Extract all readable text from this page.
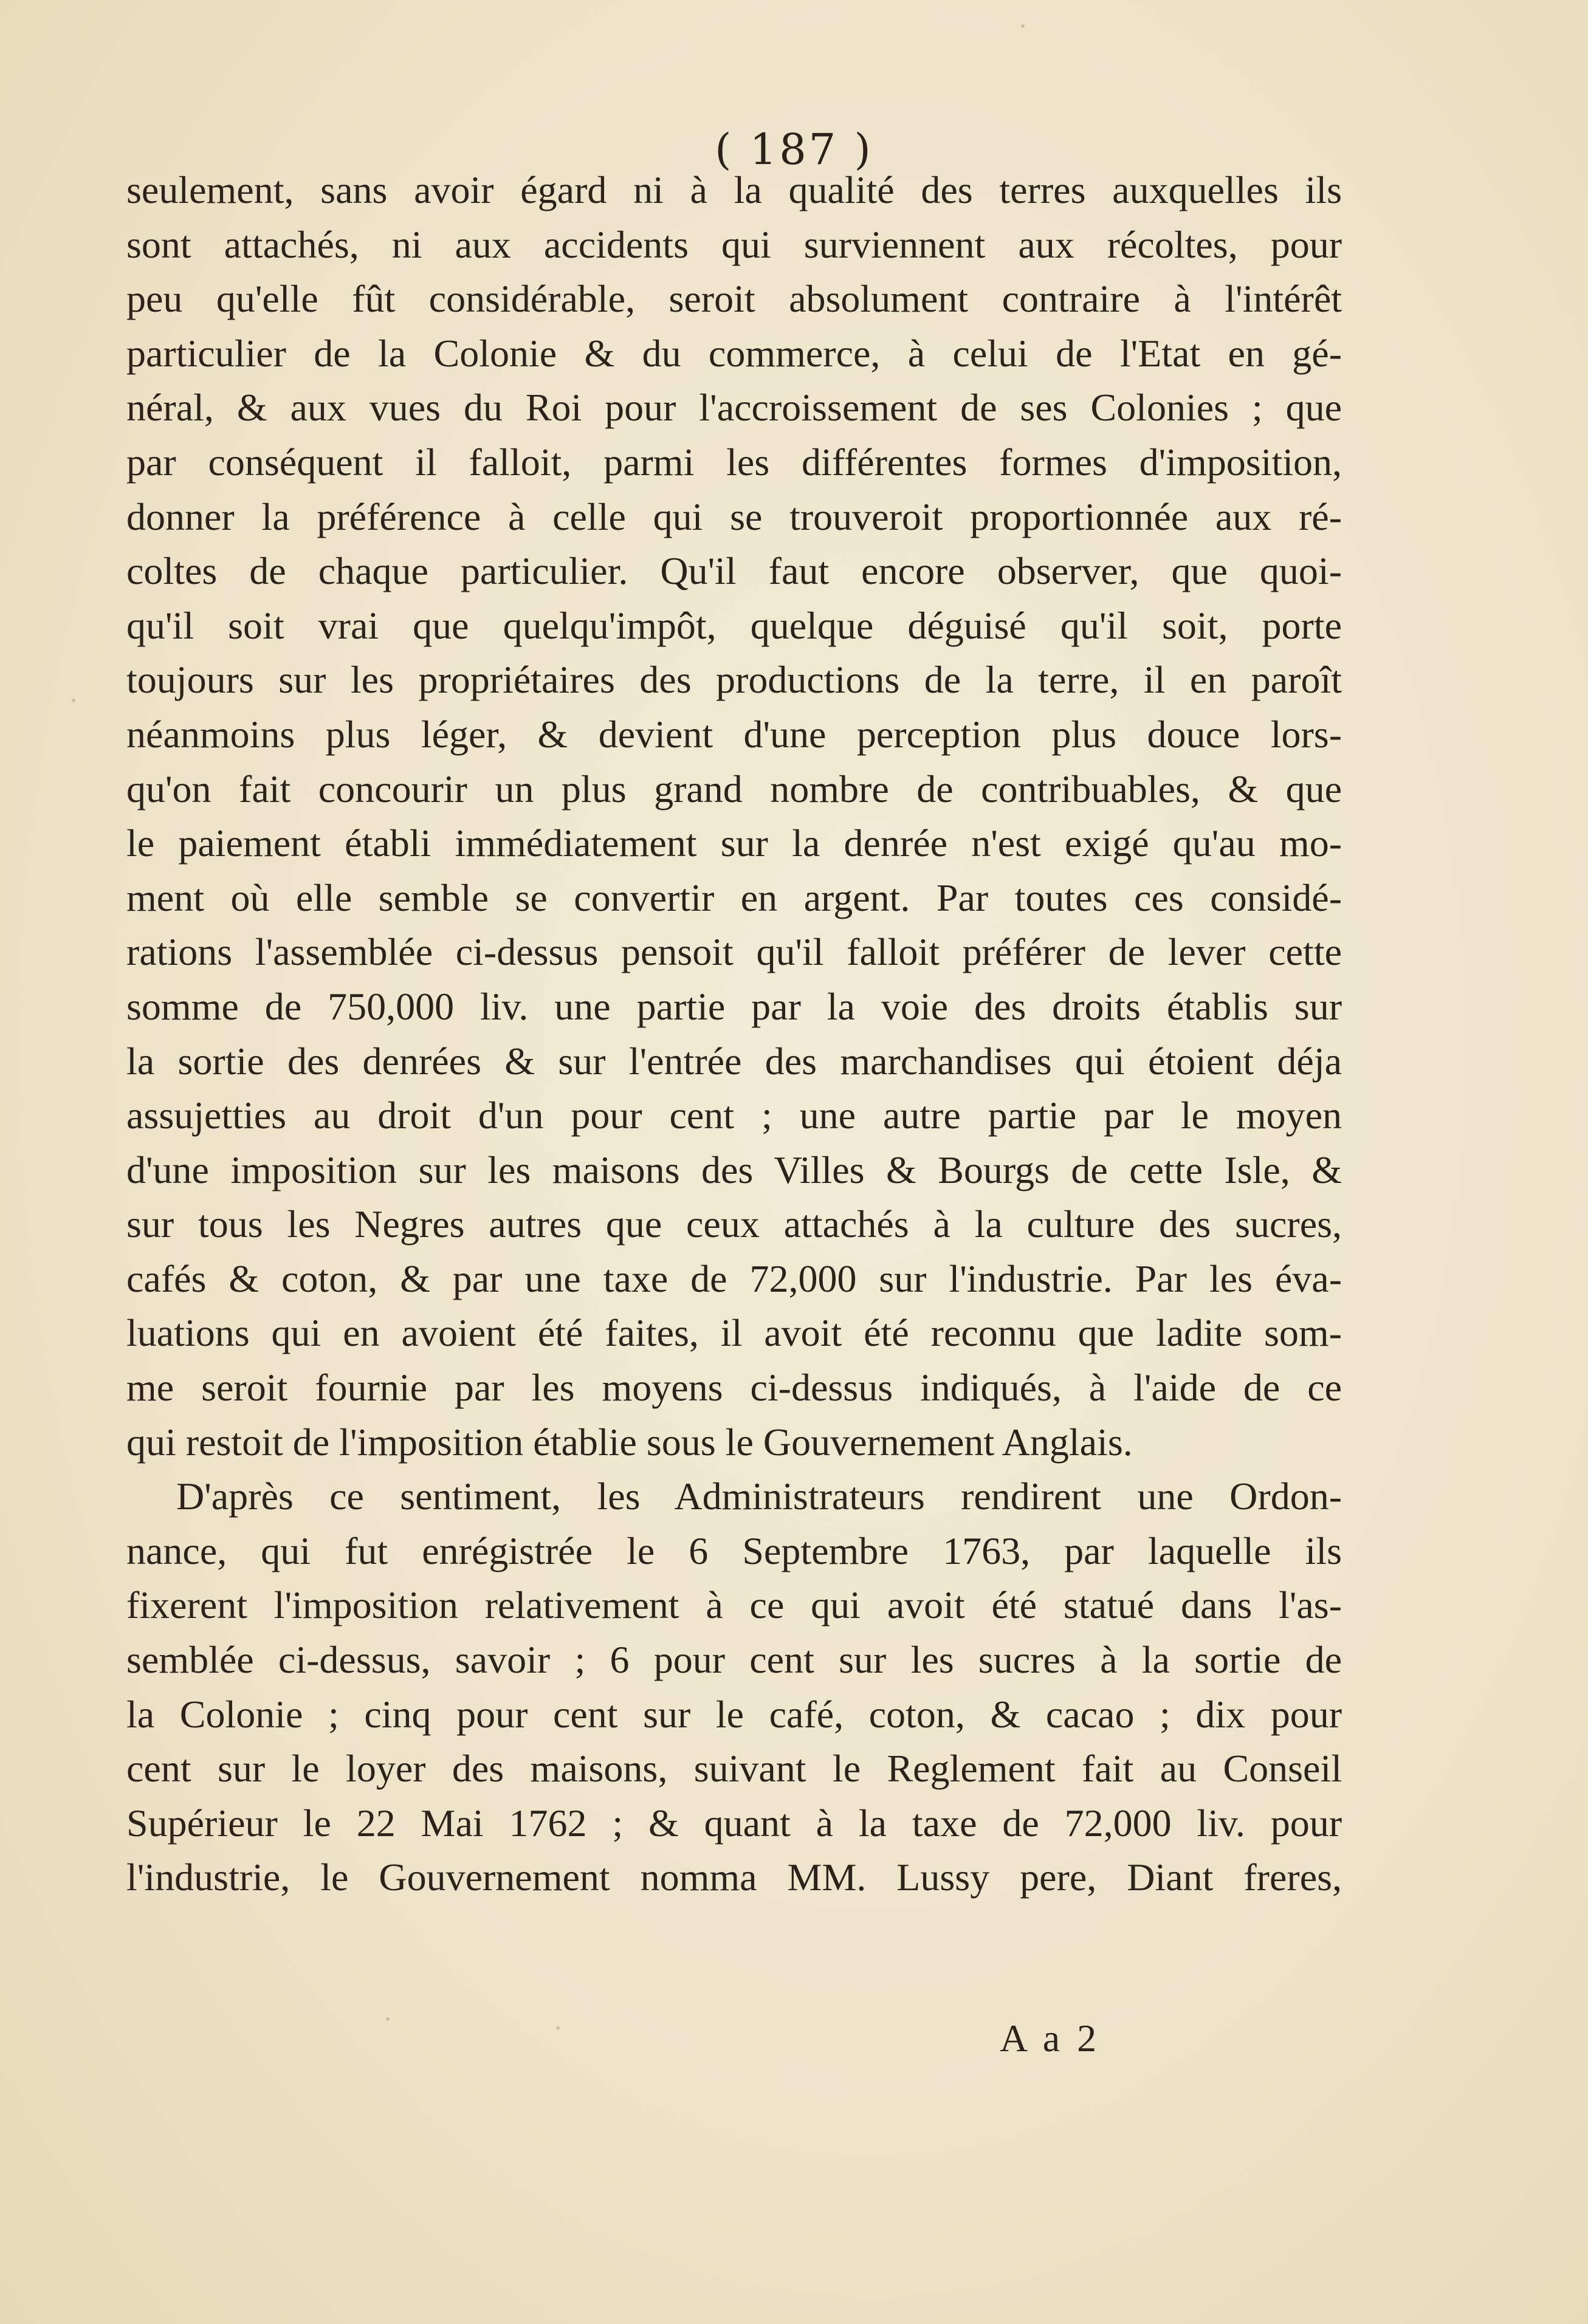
( 187 )
seulement, sans avoir égard ni à la qualité des terres auxquelles ils
sont attachés, ni aux accidents qui surviennent aux récoltes, pour
peu qu'elle fût considérable, seroit absolument contraire à l'intérêt
particulier de la Colonie & du commerce, à celui de l'Etat en gé-
néral, & aux vues du Roi pour l'accroissement de ses Colonies ; que
par conséquent il falloit, parmi les différentes formes d'imposition,
donner la préférence à celle qui se trouveroit proportionnée aux ré-
coltes de chaque particulier. Qu'il faut encore observer, que quoi-
qu'il soit vrai que quelqu'impôt, quelque déguisé qu'il soit, porte
toujours sur les propriétaires des productions de la terre, il en paroît
néanmoins plus léger, & devient d'une perception plus douce lors-
qu'on fait concourir un plus grand nombre de contribuables, & que
le paiement établi immédiatement sur la denrée n'est exigé qu'au mo-
ment où elle semble se convertir en argent. Par toutes ces considé-
rations l'assemblée ci-dessus pensoit qu'il falloit préférer de lever cette
somme de 750,000 liv. une partie par la voie des droits établis sur
la sortie des denrées & sur l'entrée des marchandises qui étoient déja
assujetties au droit d'un pour cent ; une autre partie par le moyen
d'une imposition sur les maisons des Villes & Bourgs de cette Isle, &
sur tous les Negres autres que ceux attachés à la culture des sucres,
cafés & coton, & par une taxe de 72,000 sur l'industrie. Par les éva-
luations qui en avoient été faites, il avoit été reconnu que ladite som-
me seroit fournie par les moyens ci-dessus indiqués, à l'aide de ce
qui restoit de l'imposition établie sous le Gouvernement Anglais.
D'après ce sentiment, les Administrateurs rendirent une Ordon-
nance, qui fut enrégistrée le 6 Septembre 1763, par laquelle ils
fixerent l'imposition relativement à ce qui avoit été statué dans l'as-
semblée ci-dessus, savoir ; 6 pour cent sur les sucres à la sortie de
la Colonie ; cinq pour cent sur le café, coton, & cacao ; dix pour
cent sur le loyer des maisons, suivant le Reglement fait au Conseil
Supérieur le 22 Mai 1762 ; & quant à la taxe de 72,000 liv. pour
l'industrie, le Gouvernement nomma MM. Lussy pere, Diant freres,
A a 2
